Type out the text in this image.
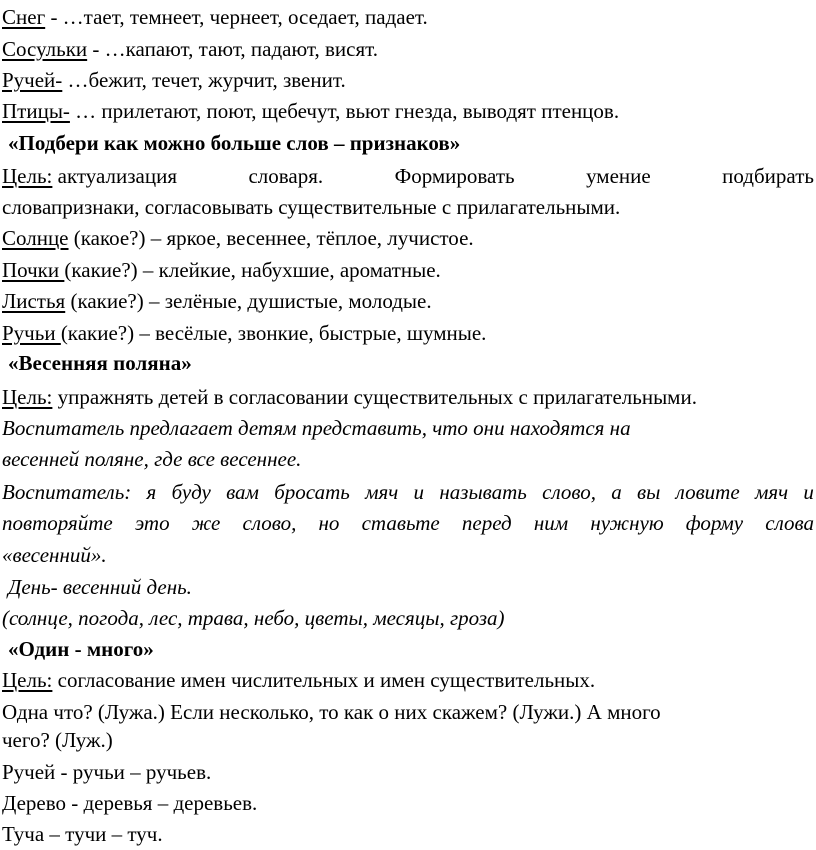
Снег - …тает, темнеет, чернеет, оседает, падает.
Сосульки - …капают, тают, падают, висят.
Ручей- …бежит, течет, журчит, звенит.
Птицы- … прилетают, поют, щебечут, вьют гнезда, выводят птенцов.
«Подбери как можно больше слов – признаков»
Цель: актуализация	словаря.	Формировать	умение	подбирать
словапризнаки, согласовывать существительные с прилагательными.
Солнце (какое?) – яркое, весеннее, тёплое, лучистое.
Почки (какие?) – клейкие, набухшие, ароматные.
Листья (какие?) – зелёные, душистые, молодые.
Ручьи (какие?) – весёлые, звонкие, быстрые, шумные.
«Весенняя поляна»
Цель: упражнять детей в согласовании существительных с прилагательными.
Воспитатель предлагает детям представить, что они находятся на
весенней поляне, где все весеннее.
Воспитатель: я буду вам бросать мяч и называть слово, а вы ловите мяч и
повторяйте это же слово, но ставьте перед ним нужную форму слова
«весенний».
День- весенний день.
(солнце, погода, лес, трава, небо, цветы, месяцы, гроза)
«Один - много»
Цель: согласование имен числительных и имен существительных.
Одна что? (Лужа.) Если несколько, то как о них скажем? (Лужи.) А много
чего? (Луж.)
Ручей - ручьи – ручьев.
Дерево - деревья – деревьев.
Туча – тучи – туч.
